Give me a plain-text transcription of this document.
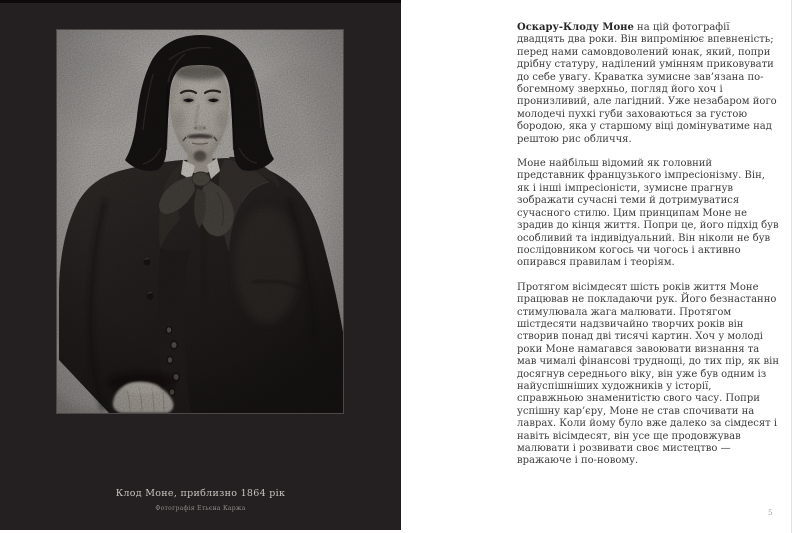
Клод Моне, приблизно 1864 рік
Фотографія Етьєна Каржа

Оскару-Клоду Моне на цій фотографії двадцять два роки. Він випромінює впевненість; перед нами самовдоволений юнак, який, попри дрібну статуру, наділений умінням приковувати до себе увагу. Краватка зумисне зав’язана по-богемному зверхньо, погляд його хоч і пронизливий, але лагідний. Уже незабаром його молодечі пухкі губи заховаються за густою бородою, яка у старшому віці домінуватиме над рештою рис обличчя.

Моне найбільш відомий як головний представник французького імпресіонізму. Він, як і інші імпресіоністи, зумисне прагнув зображати сучасні теми й дотримуватися сучасного стилю. Цим принципам Моне не зрадив до кінця життя. Попри це, його підхід був особливий та індивідуальний. Він ніколи не був послідовником когось чи чогось і активно опирався правилам і теоріям.

Протягом вісімдесят шість років життя Моне працював не покладаючи рук. Його безнастанно стимулювала жага малювати. Протягом шістдесяти надзвичайно творчих років він створив понад дві тисячі картин. Хоч у молоді роки Моне намагався завоювати визнання та мав чималі фінансові труднощі, до тих пір, як він досягнув середнього віку, він уже був одним із найуспішніших художників у історії, справжньою знаменитістю свого часу. Попри успішну кар’єру, Моне не став спочивати на лаврах. Коли йому було вже далеко за сімдесят і навіть вісімдесят, він усе ще продовжував малювати і розвивати своє мистецтво — вражаюче і по-новому.

5
